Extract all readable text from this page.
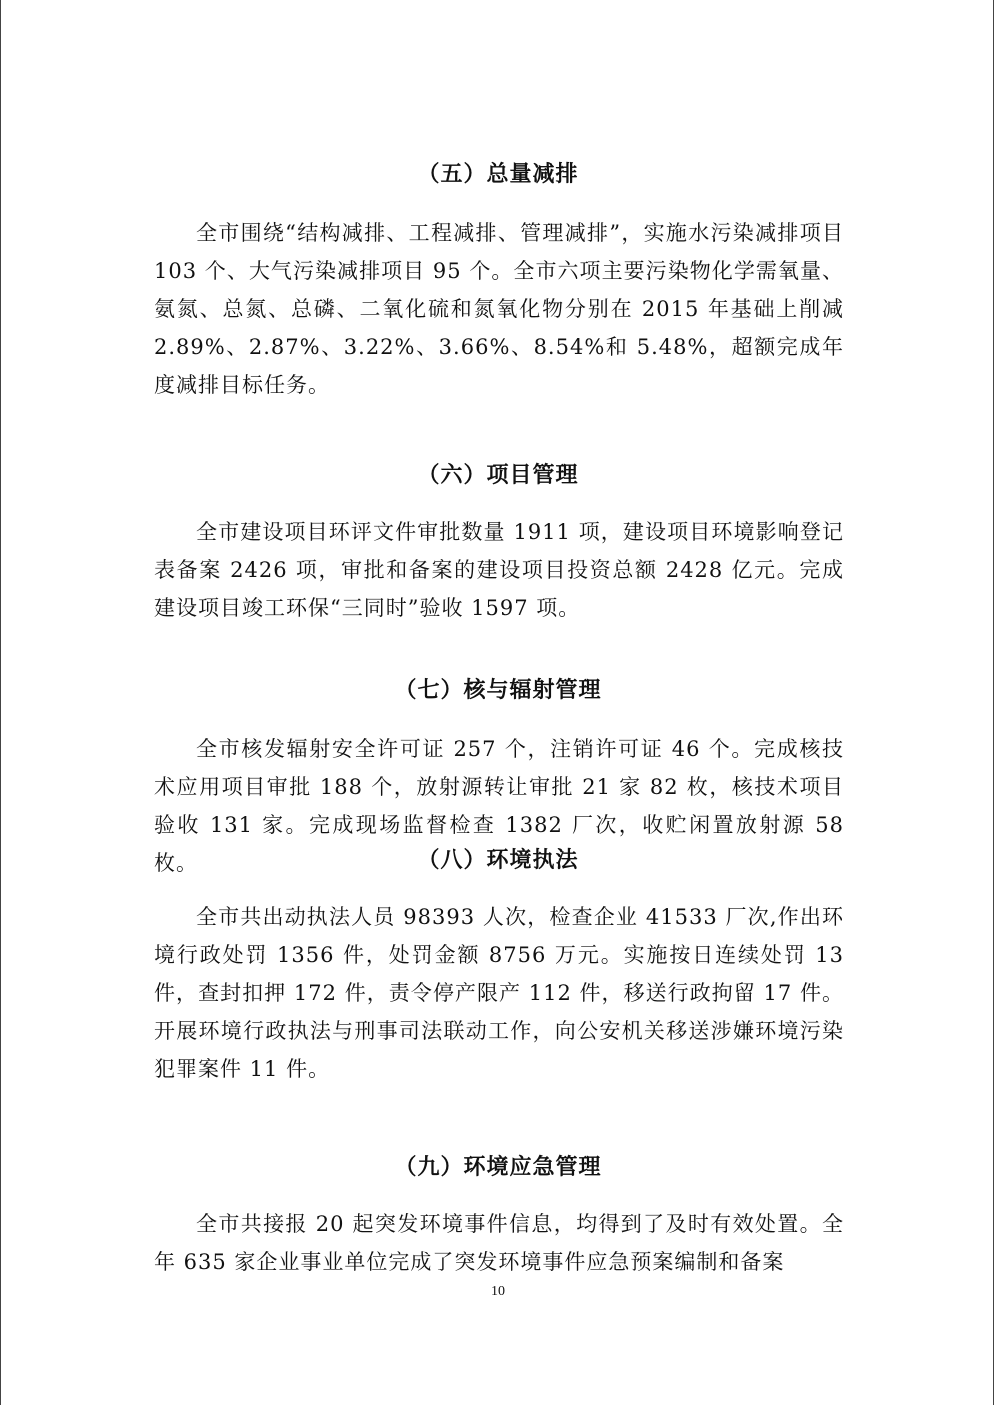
（五）总量减排
全市围绕“结构减排、工程减排、管理减排”，实施水污染减排项目 103 个、大气污染减排项目 95 个。全市六项主要污染物化学需氧量、氨氮、总氮、总磷、二氧化硫和氮氧化物分别在 2015 年基础上削减 2.89%、2.87%、3.22%、3.66%、8.54%和 5.48%，超额完成年度减排目标任务。
（六）项目管理
全市建设项目环评文件审批数量 1911 项，建设项目环境影响登记表备案 2426 项，审批和备案的建设项目投资总额 2428 亿元。完成建设项目竣工环保“三同时”验收 1597 项。
（七）核与辐射管理
全市核发辐射安全许可证 257 个，注销许可证 46 个。完成核技术应用项目审批 188 个，放射源转让审批 21 家 82 枚，核技术项目验收 131 家。完成现场监督检查 1382 厂次，收贮闲置放射源 58 枚。	（八）环境执法
全市共出动执法人员 98393 人次，检查企业 41533 厂次,作出环境行政处罚 1356 件，处罚金额 8756 万元。实施按日连续处罚 13 件，查封扣押 172 件，责令停产限产 112 件，移送行政拘留 17 件。开展环境行政执法与刑事司法联动工作，向公安机关移送涉嫌环境污染犯罪案件 11 件。
（九）环境应急管理
全市共接报 20 起突发环境事件信息，均得到了及时有效处置。全年 635 家企业事业单位完成了突发环境事件应急预案编制和备案
10
